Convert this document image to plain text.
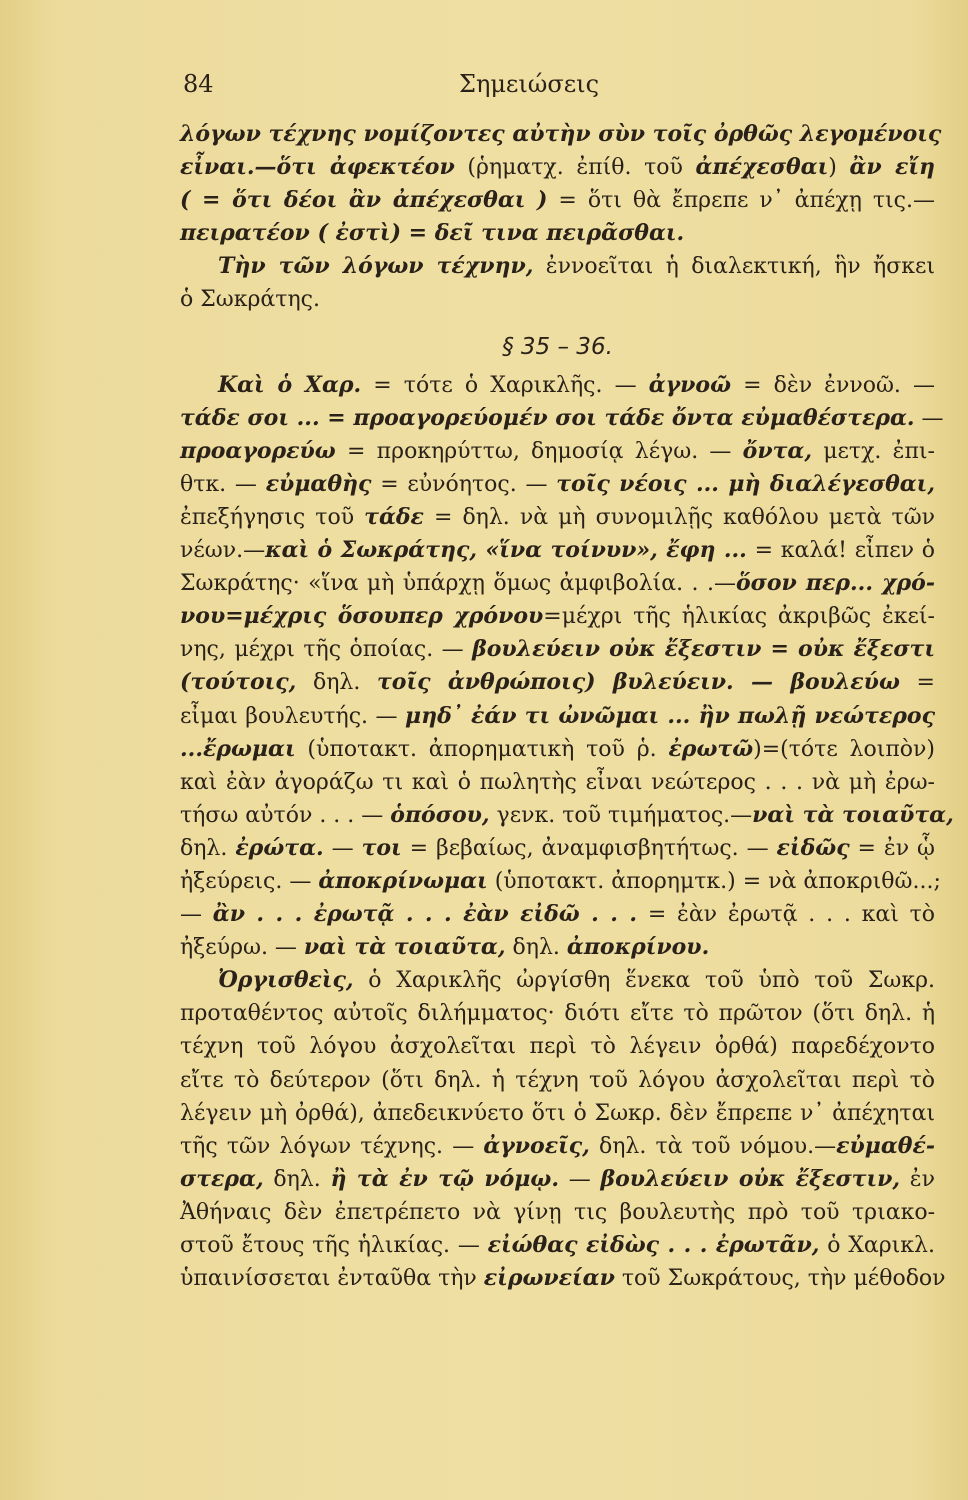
84	Σημειώσεις
λόγων τέχνης νομίζοντες αὐτὴν σὺν τοῖς ὀρθῶς λεγομένοις
εἶναι.—ὅτι ἀφεκτέον (ῥηματχ. ἐπίθ. τοῦ ἀπέχεσθαι) ἂν εἴη
( = ὅτι δέοι ἂν ἀπέχεσθαι ) = ὅτι θὰ ἔπρεπε ν᾽ ἀπέχῃ τις.—
πειρατέον ( ἐστὶ) = δεῖ τινα πειρᾶσθαι.
Τὴν τῶν λόγων τέχνην, ἐννοεῖται ἡ διαλεκτική, ἣν ἤσκει
ὁ Σωκράτης.
§ 35 – 36.
Καὶ ὁ Χαρ. = τότε ὁ Χαρικλῆς. — ἀγνοῶ = δὲν ἐννοῶ. —
τάδε σοι ... = προαγορεύομέν σοι τάδε ὄντα εὐμαθέστερα. —
προαγορεύω = προκηρύττω, δημοσίᾳ λέγω. — ὄντα, μετχ. ἐπι-
θτκ. — εὐμαθὴς = εὐνόητος. — τοῖς νέοις ... μὴ διαλέγεσθαι,
ἐπεξήγησις τοῦ τάδε = δηλ. νὰ μὴ συνομιλῇς καθόλου μετὰ τῶν
νέων.—καὶ ὁ Σωκράτης, «ἵνα τοίνυν», ἔφη ... = καλά! εἶπεν ὁ
Σωκράτης· «ἵνα μὴ ὑπάρχῃ ὅμως ἀμφιβολία. . .—ὅσον περ... χρό-
νου=μέχρις ὅσουπερ χρόνου=μέχρι τῆς ἡλικίας ἀκριβῶς ἐκεί-
νης, μέχρι τῆς ὁποίας. — βουλεύειν οὐκ ἔξεστιν = οὐκ ἔξεστι
(τούτοις, δηλ. τοῖς ἀνθρώποις) βυλεύειν. — βουλεύω =
εἶμαι βουλευτής. — μηδ᾽ ἐάν τι ὠνῶμαι ... ἢν πωλῇ νεώτερος
...ἔρωμαι (ὑποτακτ. ἀπορηματικὴ τοῦ ῥ. ἐρωτῶ)=(τότε λοιπὸν)
καὶ ἐὰν ἀγοράζω τι καὶ ὁ πωλητὴς εἶναι νεώτερος . . . νὰ μὴ ἐρω-
τήσω αὐτόν . . . — ὁπόσου, γενκ. τοῦ τιμήματος.—ναὶ τὰ τοιαῦτα,
δηλ. ἐρώτα. — τοι = βεβαίως, ἀναμφισβητήτως. — εἰδῶς = ἐν ᾧ
ἠξεύρεις. — ἀποκρίνωμαι (ὑποτακτ. ἀπορημτκ.) = νὰ ἀποκριθῶ...;
— ἂν . . . ἐρωτᾷ . . . ἐὰν εἰδῶ . . . = ἐὰν ἐρωτᾷ . . . καὶ τὸ
ἠξεύρω. — ναὶ τὰ τοιαῦτα, δηλ. ἀποκρίνου.
Ὀργισθεὶς, ὁ Χαρικλῆς ὠργίσθη ἕνεκα τοῦ ὑπὸ τοῦ Σωκρ.
προταθέντος αὐτοῖς διλήμματος· διότι εἴτε τὸ πρῶτον (ὅτι δηλ. ἡ
τέχνη τοῦ λόγου ἀσχολεῖται περὶ τὸ λέγειν ὀρθά) παρεδέχοντο
εἴτε τὸ δεύτερον (ὅτι δηλ. ἡ τέχνη τοῦ λόγου ἀσχολεῖται περὶ τὸ
λέγειν μὴ ὀρθά), ἀπεδεικνύετο ὅτι ὁ Σωκρ. δὲν ἔπρεπε ν᾽ ἀπέχηται
τῆς τῶν λόγων τέχνης. — ἀγνοεῖς, δηλ. τὰ τοῦ νόμου.—εὐμαθέ-
στερα, δηλ. ἢ τὰ ἐν τῷ νόμῳ. — βουλεύειν οὐκ ἔξεστιν, ἐν
Ἀθήναις δὲν ἐπετρέπετο νὰ γίνῃ τις βουλευτὴς πρὸ τοῦ τριακο-
στοῦ ἔτους τῆς ἡλικίας. — εἰώθας εἰδὼς . . . ἐρωτᾶν, ὁ Χαρικλ.
ὑπαινίσσεται ἐνταῦθα τὴν εἰρωνείαν τοῦ Σωκράτους, τὴν μέθοδον
